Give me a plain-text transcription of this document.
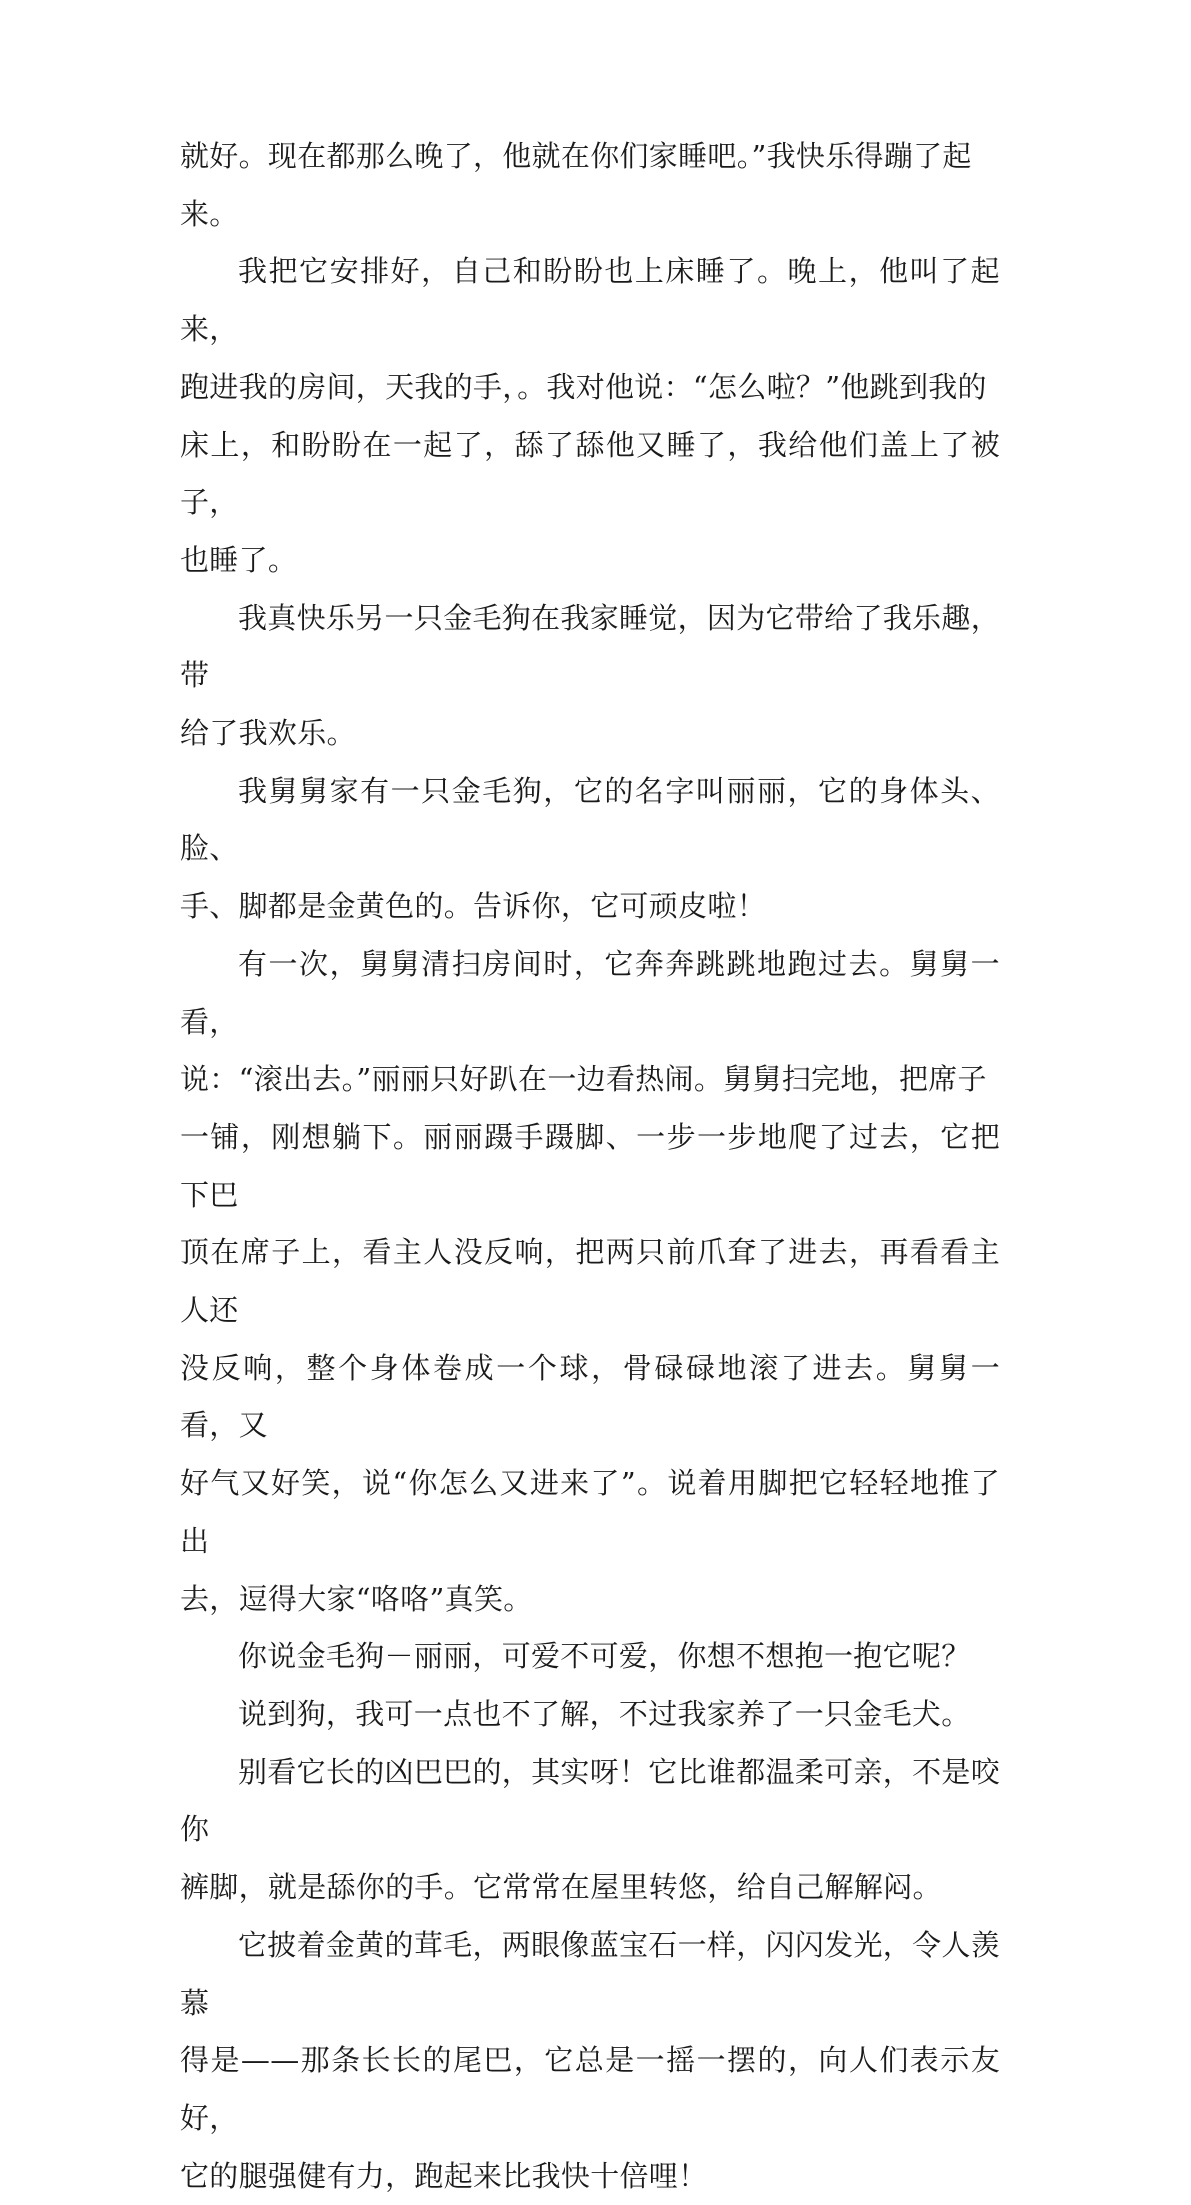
就好。现在都那么晚了，他就在你们家睡吧。”我快乐得蹦了起
来。

我把它安排好，自己和盼盼也上床睡了。晚上，他叫了起来，
跑进我的房间，天我的手，。我对他说：“怎么啦？”他跳到我的
床上，和盼盼在一起了，舔了舔他又睡了，我给他们盖上了被子，
也睡了。

我真快乐另一只金毛狗在我家睡觉，因为它带给了我乐趣，带
给了我欢乐。

我舅舅家有一只金毛狗，它的名字叫丽丽，它的身体头、脸、
手、脚都是金黄色的。告诉你，它可顽皮啦！

有一次，舅舅清扫房间时，它奔奔跳跳地跑过去。舅舅一看，
说：“滚出去。”丽丽只好趴在一边看热闹。舅舅扫完地，把席子
一铺，刚想躺下。丽丽蹑手蹑脚、一步一步地爬了过去，它把下巴
顶在席子上，看主人没反响，把两只前爪耷了进去，再看看主人还
没反响，整个身体卷成一个球，骨碌碌地滚了进去。舅舅一看，又
好气又好笑，说“你怎么又进来了”。说着用脚把它轻轻地推了出
去，逗得大家“咯咯”真笑。

你说金毛狗－丽丽，可爱不可爱，你想不想抱一抱它呢？

说到狗，我可一点也不了解，不过我家养了一只金毛犬。

别看它长的凶巴巴的，其实呀！它比谁都温柔可亲，不是咬你
裤脚，就是舔你的手。它常常在屋里转悠，给自己解解闷。

它披着金黄的茸毛，两眼像蓝宝石一样，闪闪发光，令人羡慕
得是——那条长长的尾巴，它总是一摇一摆的，向人们表示友好，
它的腿强健有力，跑起来比我快十倍哩！
